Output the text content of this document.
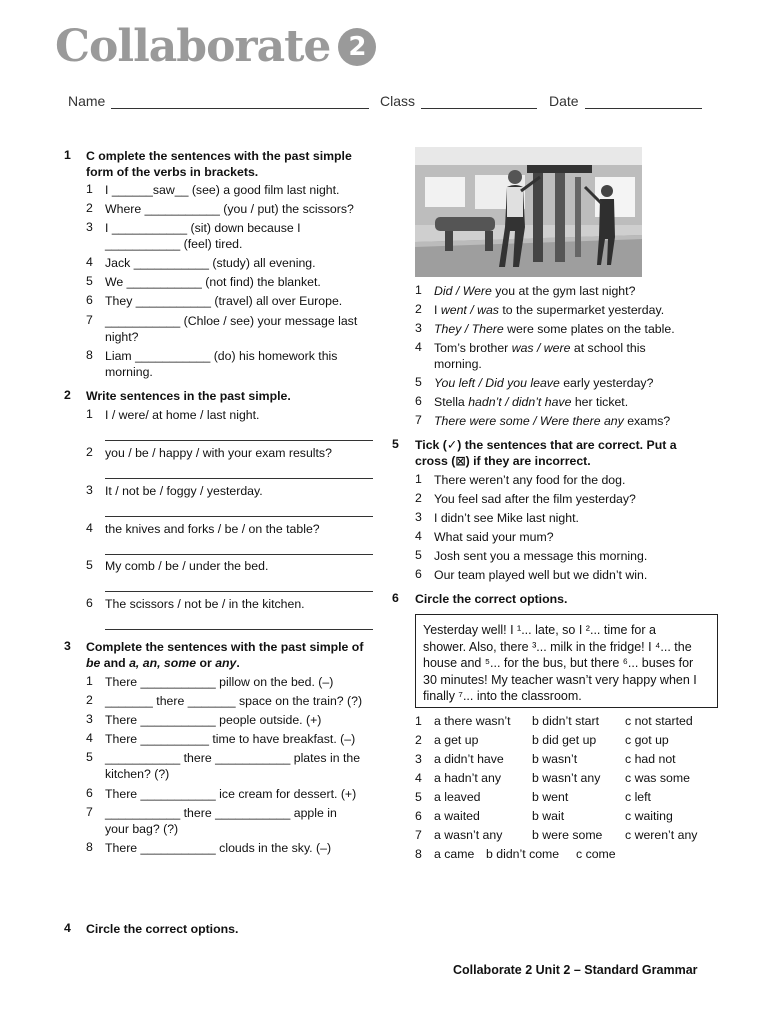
Collaborate 2
Name	Class	Date
1 C omplete the sentences with the past simple
form of the verbs in brackets.
1 I ______saw__ (see) a good film last night.
2 Where ___________ (you / put) the scissors?
3 I ___________ (sit) down because I
___________ (feel) tired.
4 Jack ___________ (study) all evening.
5 We ___________ (not find) the blanket.
6 They ___________ (travel) all over Europe.
7 ___________ (Chloe / see) your message last
night?
8 Liam ___________ (do) his homework this
morning.
2 Write sentences in the past simple.
1 I / were/ at home / last night.
2 you / be / happy / with your exam results?
3 It / not be / foggy / yesterday.
4 the knives and forks / be / on the table?
5 My comb / be / under the bed.
6 The scissors / not be / in the kitchen.
3 Complete the sentences with the past simple of
be and a, an, some or any.
1 There ___________ pillow on the bed. (–)
2 _______ there _______ space on the train? (?)
3 There ___________ people outside. (+)
4 There __________ time to have breakfast. (–)
5 ___________ there ___________ plates in the
kitchen? (?)
6 There ___________ ice cream for dessert. (+)
7 ___________ there ___________ apple in
your bag? (?)
8 There ___________ clouds in the sky. (–)
4 Circle the correct options.
1 Did / Were you at the gym last night?
2 I went / was to the supermarket yesterday.
3 They / There were some plates on the table.
4 Tom’s brother was / were at school this
morning.
5 You left / Did you leave early yesterday?
6 Stella hadn’t / didn’t have her ticket.
7 There were some / Were there any exams?
5 Tick (✓) the sentences that are correct. Put a
cross (⊠) if they are incorrect.
1 There weren’t any food for the dog.
2 You feel sad after the film yesterday?
3 I didn’t see Mike last night.
4 What said your mum?
5 Josh sent you a message this morning.
6 Our team played well but we didn’t win.
6 Circle the correct options.
Yesterday well! I ¹... late, so I ²... time for a
shower. Also, there ³... milk in the fridge! I ⁴... the
house and ⁵... for the bus, but there ⁶... buses for
30 minutes! My teacher wasn’t very happy when I
finally ⁷... into the classroom.
1 a there wasn’t b didn’t start c not started
2 a get up	b did get up c got up
3 a didn’t have b wasn’t	c had not
4 a hadn’t any	b wasn’t any c was some
5 a leaved	b went	c left
6 a waited	b wait	c waiting
7 a wasn’t any b were some c weren’t any
8 a came b didn’t come c come
Collaborate 2 Unit 2 – Standard Grammar
